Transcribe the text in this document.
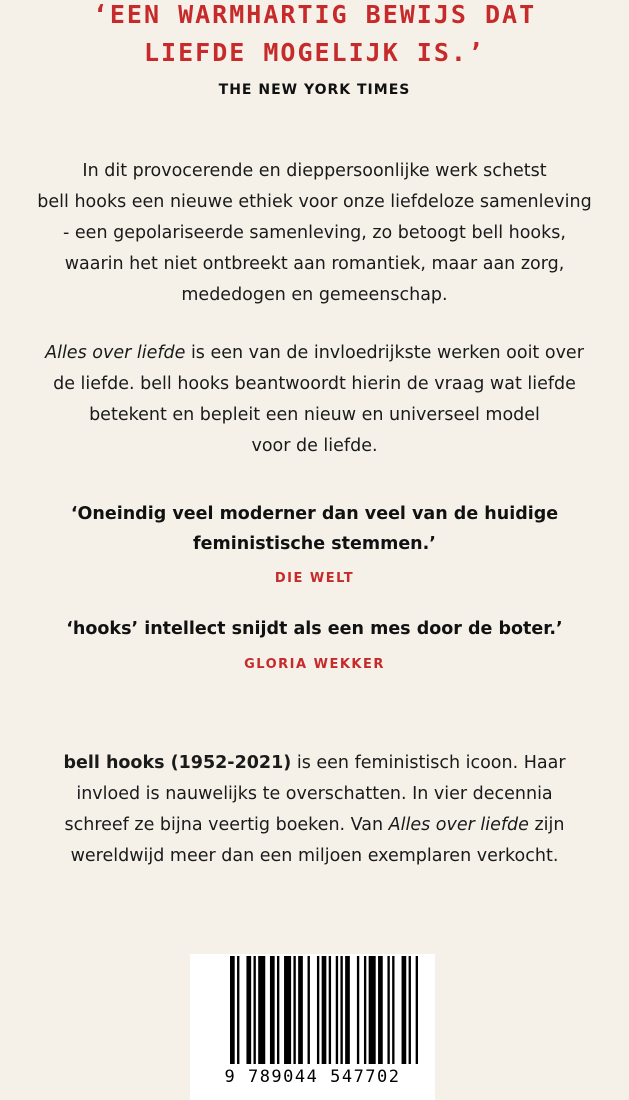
‘EEN WARMHARTIG BEWIJS DAT
LIEFDE MOGELIJK IS.’
THE NEW YORK TIMES
In dit provocerende en dieppersoonlijke werk schetst
bell hooks een nieuwe ethiek voor onze liefdeloze samenleving
- een gepolariseerde samenleving, zo betoogt bell hooks,
waarin het niet ontbreekt aan romantiek, maar aan zorg,
mededogen en gemeenschap.
Alles over liefde is een van de invloedrijkste werken ooit over
de liefde. bell hooks beantwoordt hierin de vraag wat liefde
betekent en bepleit een nieuw en universeel model
voor de liefde.
‘Oneindig veel moderner dan veel van de huidige
feministische stemmen.’
DIE WELT
‘hooks’ intellect snijdt als een mes door de boter.’
GLORIA WEKKER
bell hooks (1952-2021) is een feministisch icoon. Haar
invloed is nauwelijks te overschatten. In vier decennia
schreef ze bijna veertig boeken. Van Alles over liefde zijn
wereldwijd meer dan een miljoen exemplaren verkocht.
9 789044 547702
